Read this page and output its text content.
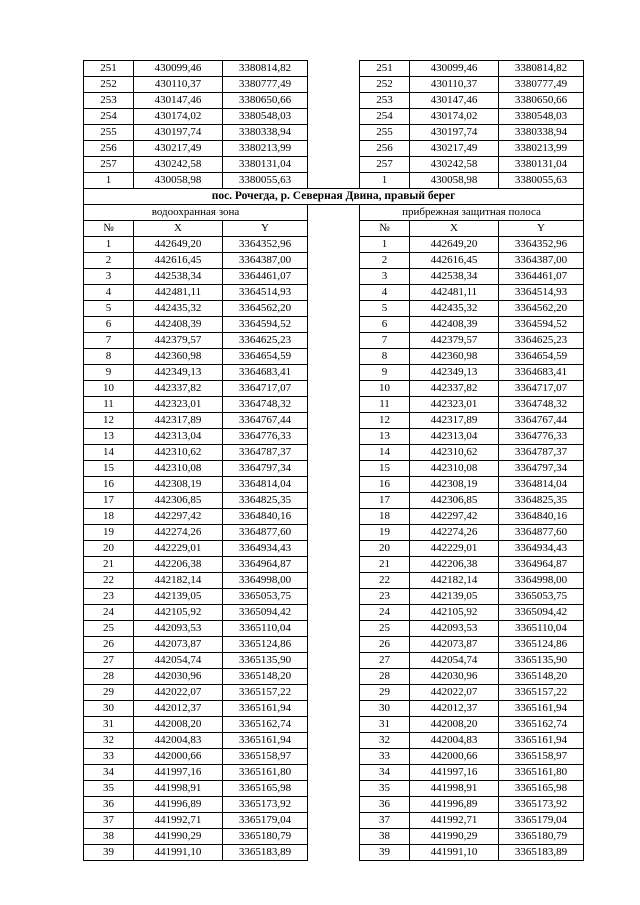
251	430099,46	3380814,82		251	430099,46	3380814,82
252	430110,37	3380777,49		252	430110,37	3380777,49
253	430147,46	3380650,66		253	430147,46	3380650,66
254	430174,02	3380548,03		254	430174,02	3380548,03
255	430197,74	3380338,94		255	430197,74	3380338,94
256	430217,49	3380213,99		256	430217,49	3380213,99
257	430242,58	3380131,04		257	430242,58	3380131,04
1	430058,98	3380055,63		1	430058,98	3380055,63
пос. Рочегда, р. Северная Двина, правый берег						
водоохранная зона				прибрежная защитная полоса		
№	X	Y		№	X	Y
1	442649,20	3364352,96		1	442649,20	3364352,96
2	442616,45	3364387,00		2	442616,45	3364387,00
3	442538,34	3364461,07		3	442538,34	3364461,07
4	442481,11	3364514,93		4	442481,11	3364514,93
5	442435,32	3364562,20		5	442435,32	3364562,20
6	442408,39	3364594,52		6	442408,39	3364594,52
7	442379,57	3364625,23		7	442379,57	3364625,23
8	442360,98	3364654,59		8	442360,98	3364654,59
9	442349,13	3364683,41		9	442349,13	3364683,41
10	442337,82	3364717,07		10	442337,82	3364717,07
11	442323,01	3364748,32		11	442323,01	3364748,32
12	442317,89	3364767,44		12	442317,89	3364767,44
13	442313,04	3364776,33		13	442313,04	3364776,33
14	442310,62	3364787,37		14	442310,62	3364787,37
15	442310,08	3364797,34		15	442310,08	3364797,34
16	442308,19	3364814,04		16	442308,19	3364814,04
17	442306,85	3364825,35		17	442306,85	3364825,35
18	442297,42	3364840,16		18	442297,42	3364840,16
19	442274,26	3364877,60		19	442274,26	3364877,60
20	442229,01	3364934,43		20	442229,01	3364934,43
21	442206,38	3364964,87		21	442206,38	3364964,87
22	442182,14	3364998,00		22	442182,14	3364998,00
23	442139,05	3365053,75		23	442139,05	3365053,75
24	442105,92	3365094,42		24	442105,92	3365094,42
25	442093,53	3365110,04		25	442093,53	3365110,04
26	442073,87	3365124,86		26	442073,87	3365124,86
27	442054,74	3365135,90		27	442054,74	3365135,90
28	442030,96	3365148,20		28	442030,96	3365148,20
29	442022,07	3365157,22		29	442022,07	3365157,22
30	442012,37	3365161,94		30	442012,37	3365161,94
31	442008,20	3365162,74		31	442008,20	3365162,74
32	442004,83	3365161,94		32	442004,83	3365161,94
33	442000,66	3365158,97		33	442000,66	3365158,97
34	441997,16	3365161,80		34	441997,16	3365161,80
35	441998,91	3365165,98		35	441998,91	3365165,98
36	441996,89	3365173,92		36	441996,89	3365173,92
37	441992,71	3365179,04		37	441992,71	3365179,04
38	441990,29	3365180,79		38	441990,29	3365180,79
39	441991,10	3365183,89		39	441991,10	3365183,89
